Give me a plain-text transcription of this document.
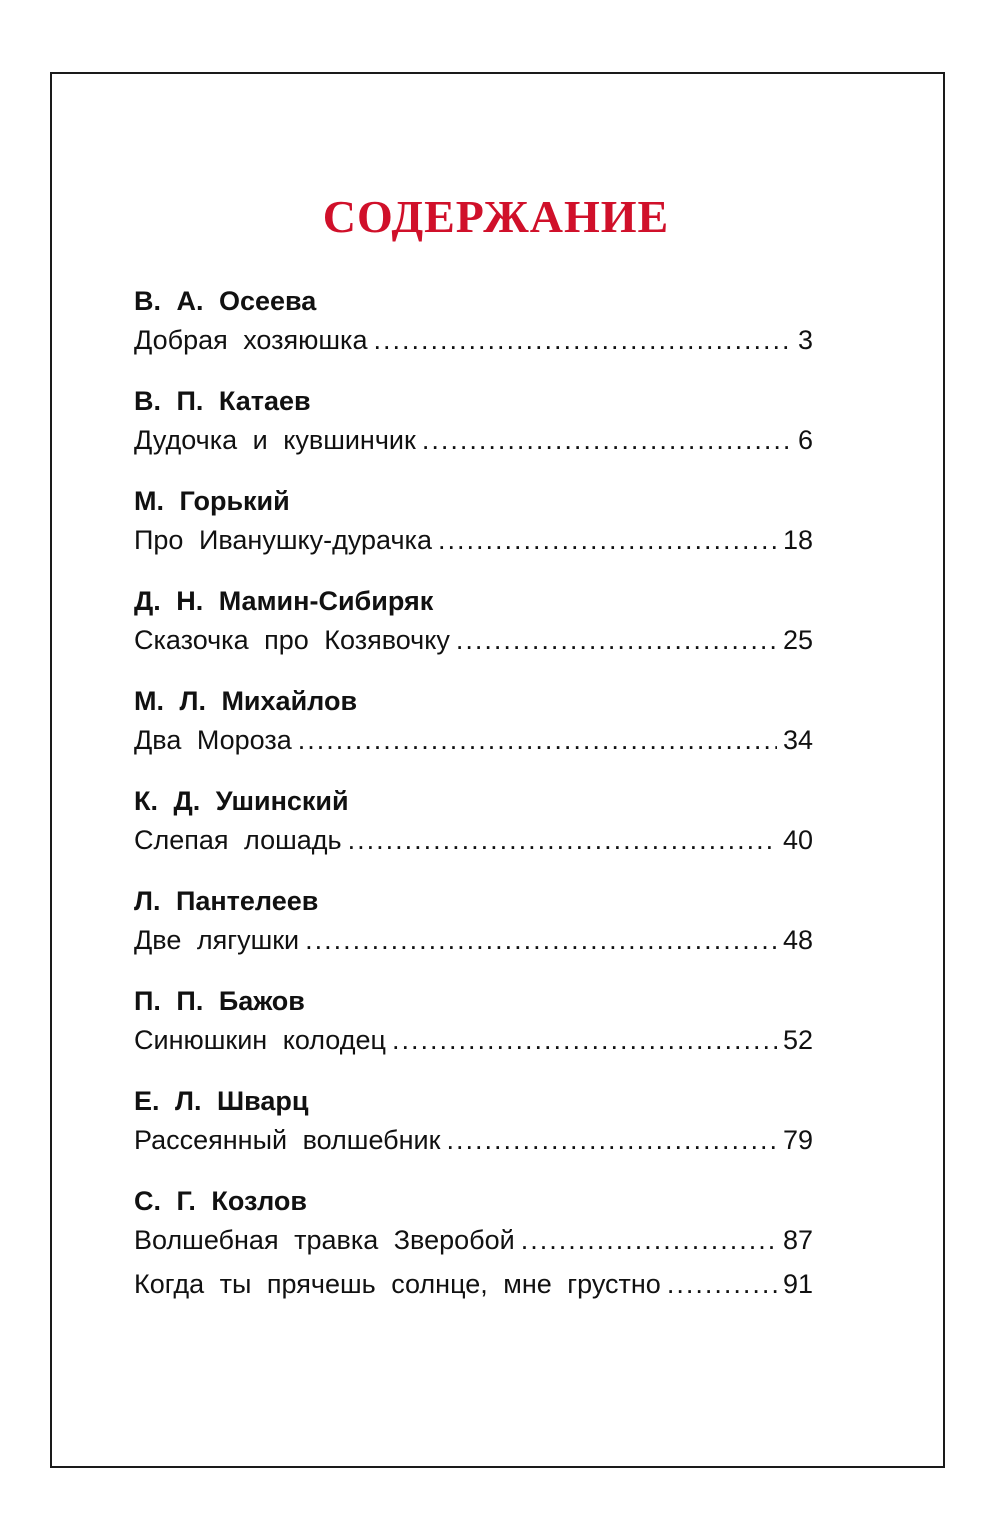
СОДЕРЖАНИЕ
В. А. Осеева
Добрая хозяюшка .....	3
В. П. Катаев
Дудочка и кувшинчик .....	6
М. Горький
Про Иванушку-дурачка .....	18
Д. Н. Мамин-Сибиряк
Сказочка про Козявочку .....	25
М. Л. Михайлов
Два Мороза .....	34
К. Д. Ушинский
Слепая лошадь .....	40
Л. Пантелеев
Две лягушки .....	48
П. П. Бажов
Синюшкин колодец .....	52
Е. Л. Шварц
Рассеянный волшебник .....	79
С. Г. Козлов
Волшебная травка Зверобой .....	87
Когда ты прячешь солнце, мне грустно .....	91
